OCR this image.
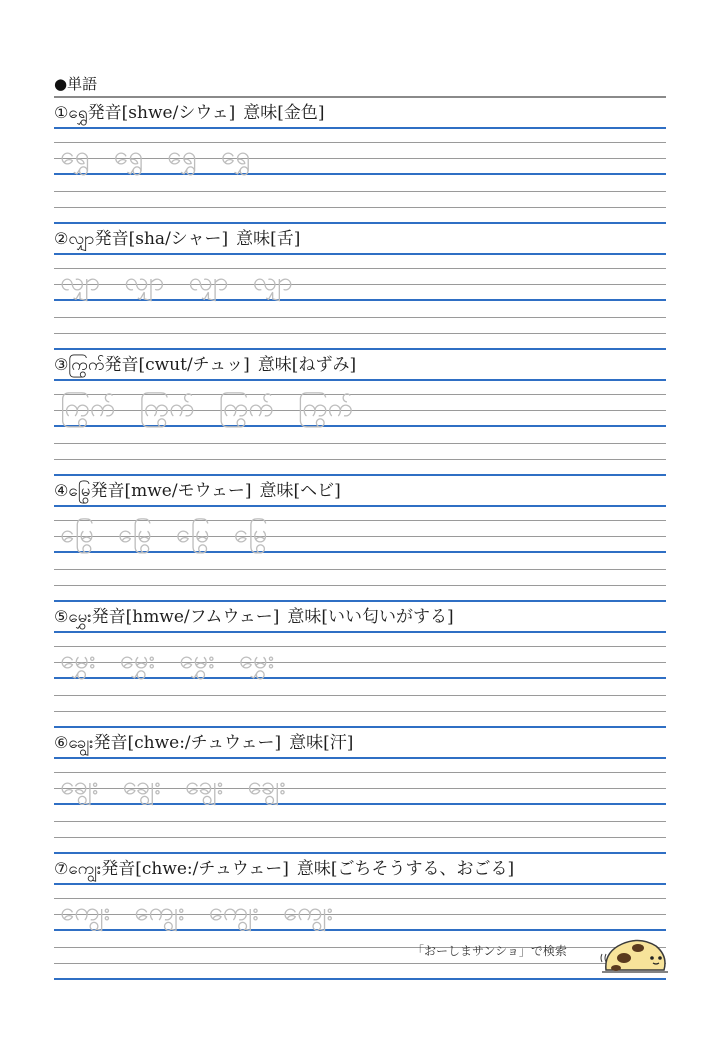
●単語
①ရွှေ発音[shwe/シウェ] 意味[金色]
ရွှေ ရွှေ ရွှေ ရွှေ
②လျှာ発音[sha/シャー] 意味[舌]
လျှာ လျှာ လျှာ လျှာ
③ကြွက်発音[cwut/チュッ] 意味[ねずみ]
ကြွက် ကြွက် ကြွက် ကြွက်
④မြွေ発音[mwe/モウェー] 意味[ヘビ]
မြွေ မြွေ မြွေ မြွေ
⑤မွှေး発音[hmwe/フムウェー] 意味[いい匂いがする]
မွှေး မွှေး မွှေး မွှေး
⑥ချွေး発音[chwe:/チュウェー] 意味[汗]
ချွေး ချွေး ချွေး ချွေး
⑦ကျွေး発音[chwe:/チュウェー] 意味[ごちそうする、おごる]
ကျွေး ကျွေး ကျွေး ကျွေး
「おーしまサンショ」で検索
